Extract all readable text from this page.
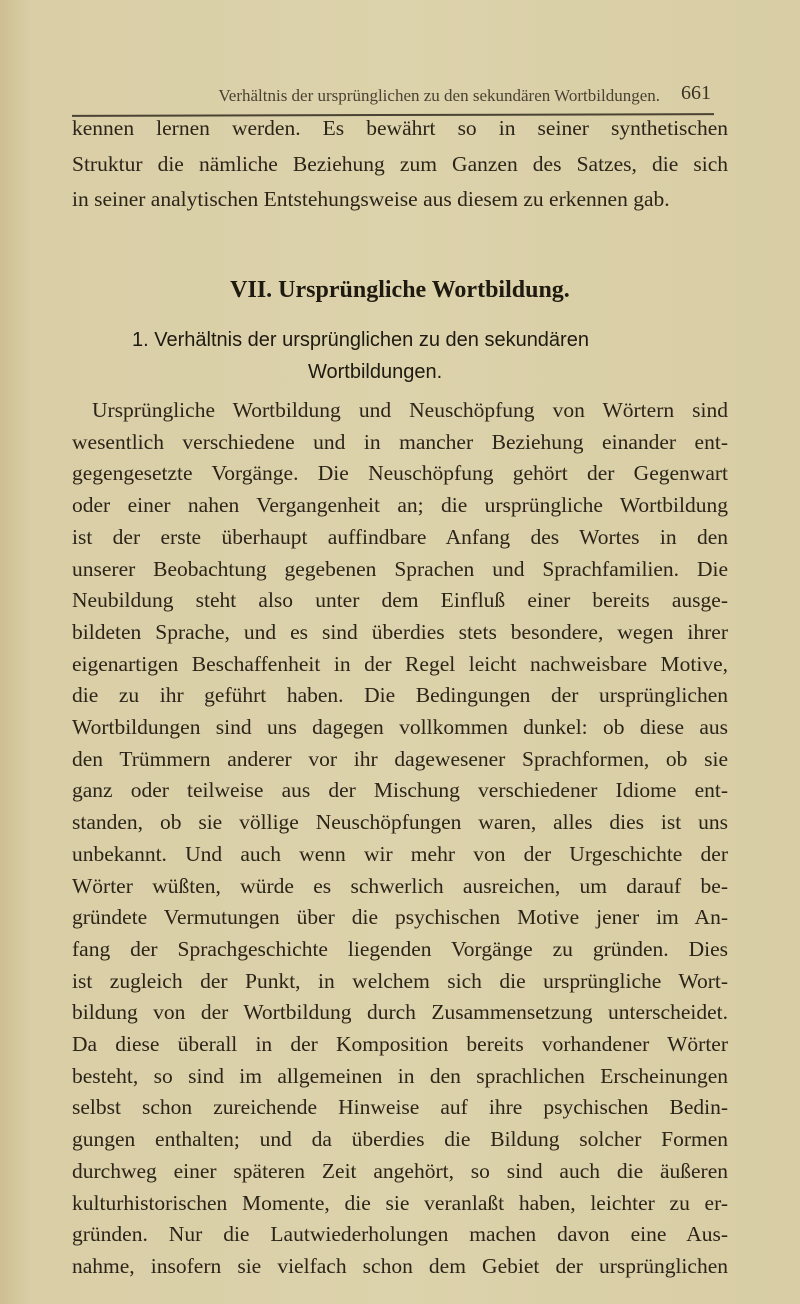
Verhältnis der ursprünglichen zu den sekundären Wortbildungen. 661
kennen lernen werden. Es bewährt so in seiner synthetischen
Struktur die nämliche Beziehung zum Ganzen des Satzes, die sich
in seiner analytischen Entstehungsweise aus diesem zu erkennen gab.
VII. Ursprüngliche Wortbildung.
1. Verhältnis der ursprünglichen zu den sekundären
Wortbildungen.
Ursprüngliche Wortbildung und Neuschöpfung von Wörtern sind
wesentlich verschiedene und in mancher Beziehung einander ent-
gegengesetzte Vorgänge. Die Neuschöpfung gehört der Gegenwart
oder einer nahen Vergangenheit an; die ursprüngliche Wortbildung
ist der erste überhaupt auffindbare Anfang des Wortes in den
unserer Beobachtung gegebenen Sprachen und Sprachfamilien. Die
Neubildung steht also unter dem Einfluß einer bereits ausge-
bildeten Sprache, und es sind überdies stets besondere, wegen ihrer
eigenartigen Beschaffenheit in der Regel leicht nachweisbare Motive,
die zu ihr geführt haben. Die Bedingungen der ursprünglichen
Wortbildungen sind uns dagegen vollkommen dunkel: ob diese aus
den Trümmern anderer vor ihr dagewesener Sprachformen, ob sie
ganz oder teilweise aus der Mischung verschiedener Idiome ent-
standen, ob sie völlige Neuschöpfungen waren, alles dies ist uns
unbekannt. Und auch wenn wir mehr von der Urgeschichte der
Wörter wüßten, würde es schwerlich ausreichen, um darauf be-
gründete Vermutungen über die psychischen Motive jener im An-
fang der Sprachgeschichte liegenden Vorgänge zu gründen. Dies
ist zugleich der Punkt, in welchem sich die ursprüngliche Wort-
bildung von der Wortbildung durch Zusammensetzung unterscheidet.
Da diese überall in der Komposition bereits vorhandener Wörter
besteht, so sind im allgemeinen in den sprachlichen Erscheinungen
selbst schon zureichende Hinweise auf ihre psychischen Bedin-
gungen enthalten; und da überdies die Bildung solcher Formen
durchweg einer späteren Zeit angehört, so sind auch die äußeren
kulturhistorischen Momente, die sie veranlaßt haben, leichter zu er-
gründen. Nur die Lautwiederholungen machen davon eine Aus-
nahme, insofern sie vielfach schon dem Gebiet der ursprünglichen
